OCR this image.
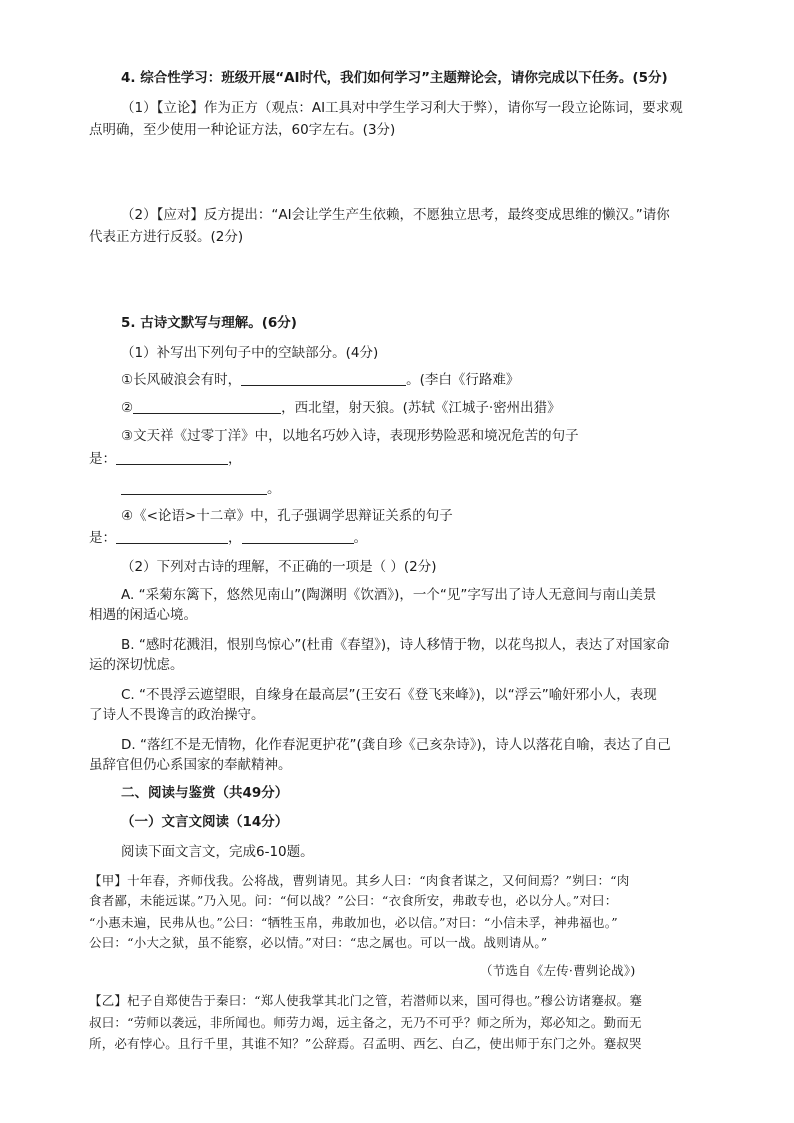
4. 综合性学习：班级开展“AI时代，我们如何学习”主题辩论会，请你完成以下任务。(5分)
（1）【立论】作为正方（观点：AI工具对中学生学习利大于弊），请你写一段立论陈词，要求观
点明确，至少使用一种论证方法，60字左右。(3分)
（2）【应对】反方提出：“AI会让学生产生依赖，不愿独立思考，最终变成思维的懒汉。”请你
代表正方进行反驳。(2分)
5. 古诗文默写与理解。(6分)
（1）补写出下列句子中的空缺部分。(4分)
①长风破浪会有时，	。(李白《行路难》
②	，西北望，射天狼。(苏轼《江城子·密州出猎》
③文天祥《过零丁洋》中，以地名巧妙入诗，表现形势险恶和境况危苦的句子
是：	，
。
④《<论语>十二章》中，孔子强调学思辩证关系的句子
是：	，	。
（2）下列对古诗的理解，不正确的一项是（ ）(2分)
A. “采菊东篱下，悠然见南山”(陶渊明《饮酒》)，一个“见”字写出了诗人无意间与南山美景
相遇的闲适心境。
B. “感时花溅泪，恨别鸟惊心”(杜甫《春望》)，诗人移情于物，以花鸟拟人，表达了对国家命
运的深切忧虑。
C. “不畏浮云遮望眼，自缘身在最高层”(王安石《登飞来峰》)，以“浮云”喻奸邪小人，表现
了诗人不畏谗言的政治操守。
D. “落红不是无情物，化作春泥更护花”(龚自珍《己亥杂诗》)，诗人以落花自喻，表达了自己
虽辞官但仍心系国家的奉献精神。
二、阅读与鉴赏（共49分）
（一）文言文阅读（14分）
阅读下面文言文，完成6-10题。
【甲】十年春，齐师伐我。公将战，曹刿请见。其乡人曰：“肉食者谋之，又何间焉？”刿曰：“肉
食者鄙，未能远谋。”乃入见。问：“何以战？”公曰：“衣食所安，弗敢专也，必以分人。”对曰：
“小惠未遍，民弗从也。”公曰：“牺牲玉帛，弗敢加也，必以信。”对曰：“小信未孚，神弗福也。”
公曰：“小大之狱，虽不能察，必以情。”对曰：“忠之属也。可以一战。战则请从。”
（节选自《左传·曹刿论战》)
【乙】杞子自郑使告于秦曰：“郑人使我掌其北门之管，若潜师以来，国可得也。”穆公访诸蹇叔。蹇
叔曰：“劳师以袭远，非所闻也。师劳力竭，远主备之，无乃不可乎？师之所为，郑必知之。勤而无
所，必有悖心。且行千里，其谁不知？”公辞焉。召孟明、西乞、白乙，使出师于东门之外。蹇叔哭
